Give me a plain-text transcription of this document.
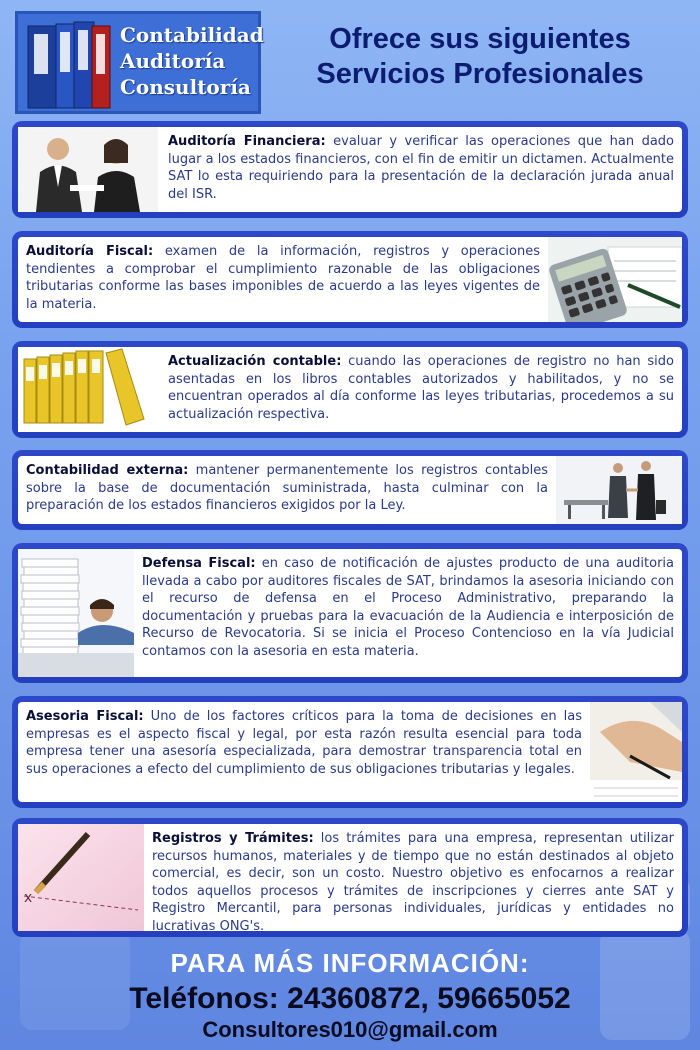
Contabilidad
Auditoría
Consultoría
Ofrece sus siguientes
Servicios Profesionales
Auditoría Financiera: evaluar y verificar las operaciones que han dado lugar a los estados financieros, con el fin de emitir un dictamen. Actualmente SAT lo esta requiriendo para la presentación de la declaración jurada anual del ISR.
Auditoría Fiscal: examen de la información, registros y operaciones tendientes a comprobar el cumplimiento razonable de las obligaciones tributarias conforme las bases imponibles de acuerdo a las leyes vigentes de la materia.
Actualización contable: cuando las operaciones de registro no han sido asentadas en los libros contables autorizados y habilitados, y no se encuentran operados al día conforme las leyes tributarias, procedemos a su actualización respectiva.
Contabilidad externa: mantener permanentemente los registros contables sobre la base de documentación suministrada, hasta culminar con la preparación de los estados financieros exigidos por la Ley.
Defensa Fiscal: en caso de notificación de ajustes producto de una auditoria llevada a cabo por auditores fiscales de SAT, brindamos la asesoria iniciando con el recurso de defensa en el Proceso Administrativo, preparando la documentación y pruebas para la evacuación de la Audiencia e interposición de Recurso de Revocatoria. Si se inicia el Proceso Contencioso en la vía Judicial contamos con la asesoria en esta materia.
Asesoria Fiscal: Uno de los factores críticos para la toma de decisiones en las empresas es el aspecto fiscal y legal, por esta razón resulta esencial para toda empresa tener una asesoría especializada, para demostrar transparencia total en sus operaciones a efecto del cumplimiento de sus obligaciones tributarias y legales.
x
Registros y Trámites: los trámites para una empresa, representan utilizar recursos humanos, materiales y de tiempo que no están destinados al objeto comercial, es decir, son un costo. Nuestro objetivo es enfocarnos a realizar todos aquellos procesos y trámites de inscripciones y cierres ante SAT y Registro Mercantil, para personas individuales, jurídicas y entidades no lucrativas ONG's.
PARA MÁS INFORMACIÓN:
Teléfonos: 24360872, 59665052
Consultores010@gmail.com
